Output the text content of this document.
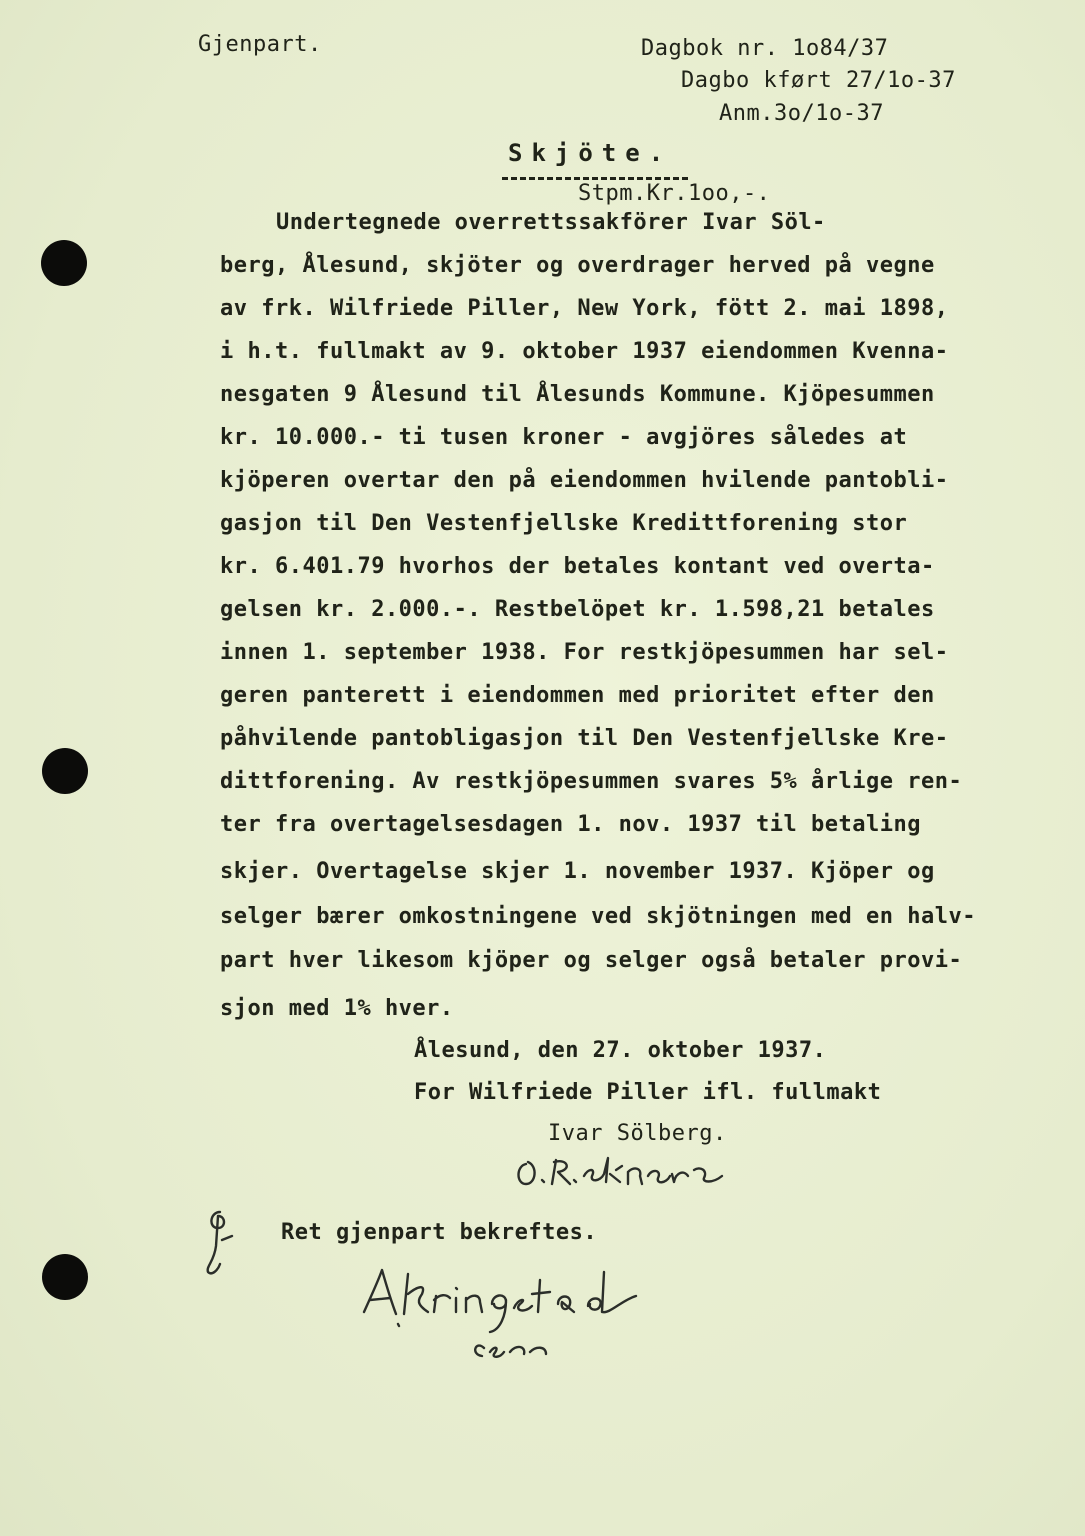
Gjenpart.	Dagbok nr. 1o84/37
Dagbo kført 27/1o-37
Anm.3o/1o-37
Skjöte.
Stpm.Kr.1oo,-.
Undertegnede overrettssakförer Ivar Söl-
berg, Ålesund, skjöter og overdrager herved på vegne
av frk. Wilfriede Piller, New York, fött 2. mai 1898,
i h.t. fullmakt av 9. oktober 1937 eiendommen Kvenna-
nesgaten 9 Ålesund til Ålesunds Kommune. Kjöpesummen
kr. 10.000.- ti tusen kroner - avgjöres således at
kjöperen overtar den på eiendommen hvilende pantobli-
gasjon til Den Vestenfjellske Kredittforening stor
kr. 6.401.79 hvorhos der betales kontant ved overta-
gelsen kr. 2.000.-. Restbelöpet kr. 1.598,21 betales
innen 1. september 1938. For restkjöpesummen har sel-
geren panterett i eiendommen med prioritet efter den
påhvilende pantobligasjon til Den Vestenfjellske Kre-
dittforening. Av restkjöpesummen svares 5% årlige ren-
ter fra overtagelsesdagen 1. nov. 1937 til betaling
skjer. Overtagelse skjer 1. november 1937. Kjöper og
selger bærer omkostningene ved skjötningen med en halv-
part hver likesom kjöper og selger også betaler provi-
sjon med 1% hver.
Ålesund, den 27. oktober 1937.
For Wilfriede Piller ifl. fullmakt
Ivar Sölberg.
Ret gjenpart bekreftes.
